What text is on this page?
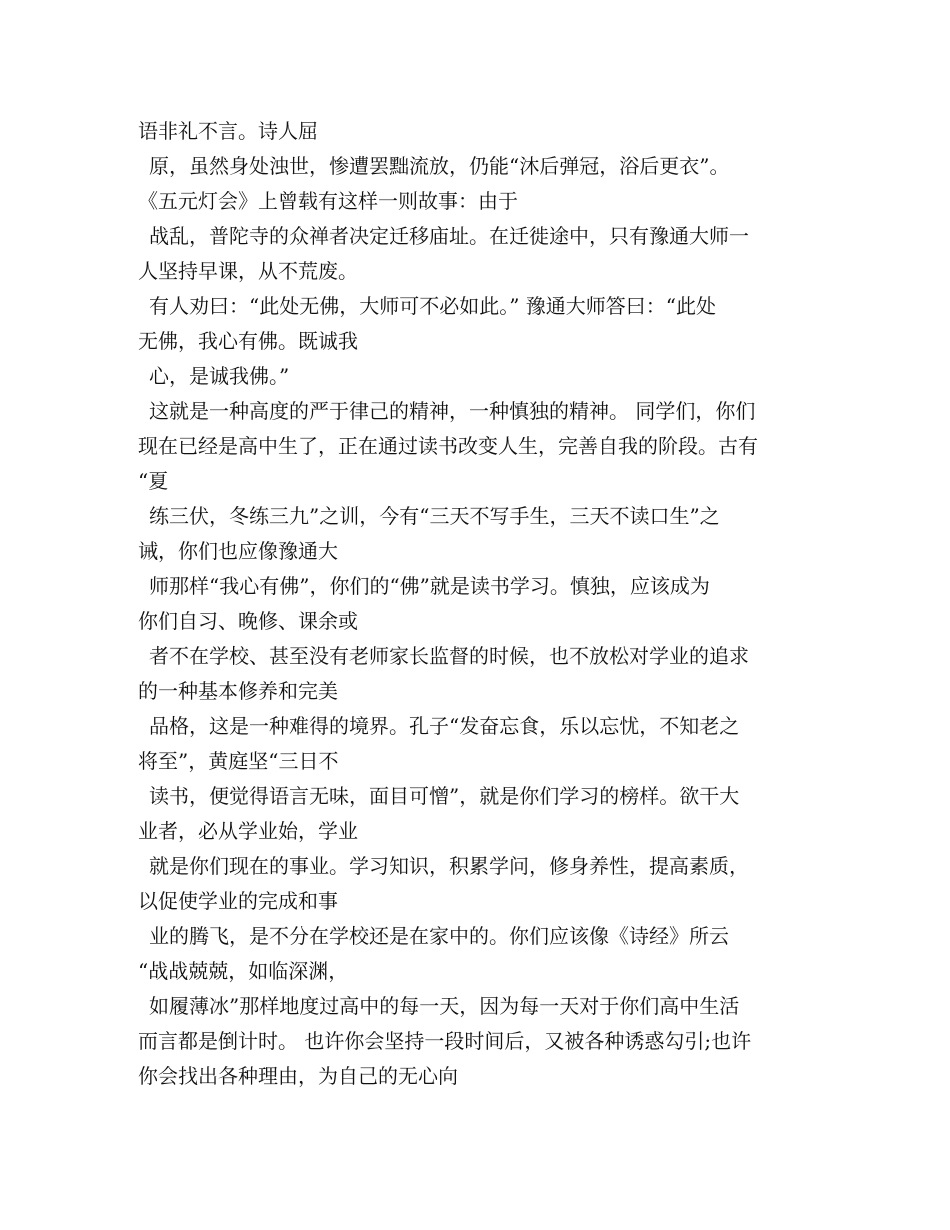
语非礼不言。诗人屈
原，虽然身处浊世，惨遭罢黜流放，仍能“沐后弹冠，浴后更衣”。
《五元灯会》上曾载有这样一则故事：由于
战乱，普陀寺的众禅者决定迁移庙址。在迁徙途中，只有豫通大师一
人坚持早课，从不荒废。
有人劝曰：“此处无佛，大师可不必如此。” 豫通大师答曰：“此处
无佛，我心有佛。既诚我
心，是诚我佛。”
这就是一种高度的严于律己的精神，一种慎独的精神。 同学们，你们
现在已经是高中生了，正在通过读书改变人生，完善自我的阶段。古有
“夏
练三伏，冬练三九”之训，今有“三天不写手生，三天不读口生”之
诫，你们也应像豫通大
师那样“我心有佛”，你们的“佛”就是读书学习。慎独，应该成为
你们自习、晚修、课余或
者不在学校、甚至没有老师家长监督的时候，也不放松对学业的追求
的一种基本修养和完美
品格，这是一种难得的境界。孔子“发奋忘食，乐以忘忧，不知老之
将至”，黄庭坚“三日不
读书，便觉得语言无味，面目可憎”，就是你们学习的榜样。欲干大
业者，必从学业始，学业
就是你们现在的事业。学习知识，积累学问，修身养性，提高素质，
以促使学业的完成和事
业的腾飞，是不分在学校还是在家中的。你们应该像《诗经》所云
“战战兢兢，如临深渊，
如履薄冰”那样地度过高中的每一天，因为每一天对于你们高中生活
而言都是倒计时。 也许你会坚持一段时间后，又被各种诱惑勾引;也许
你会找出各种理由，为自己的无心向
